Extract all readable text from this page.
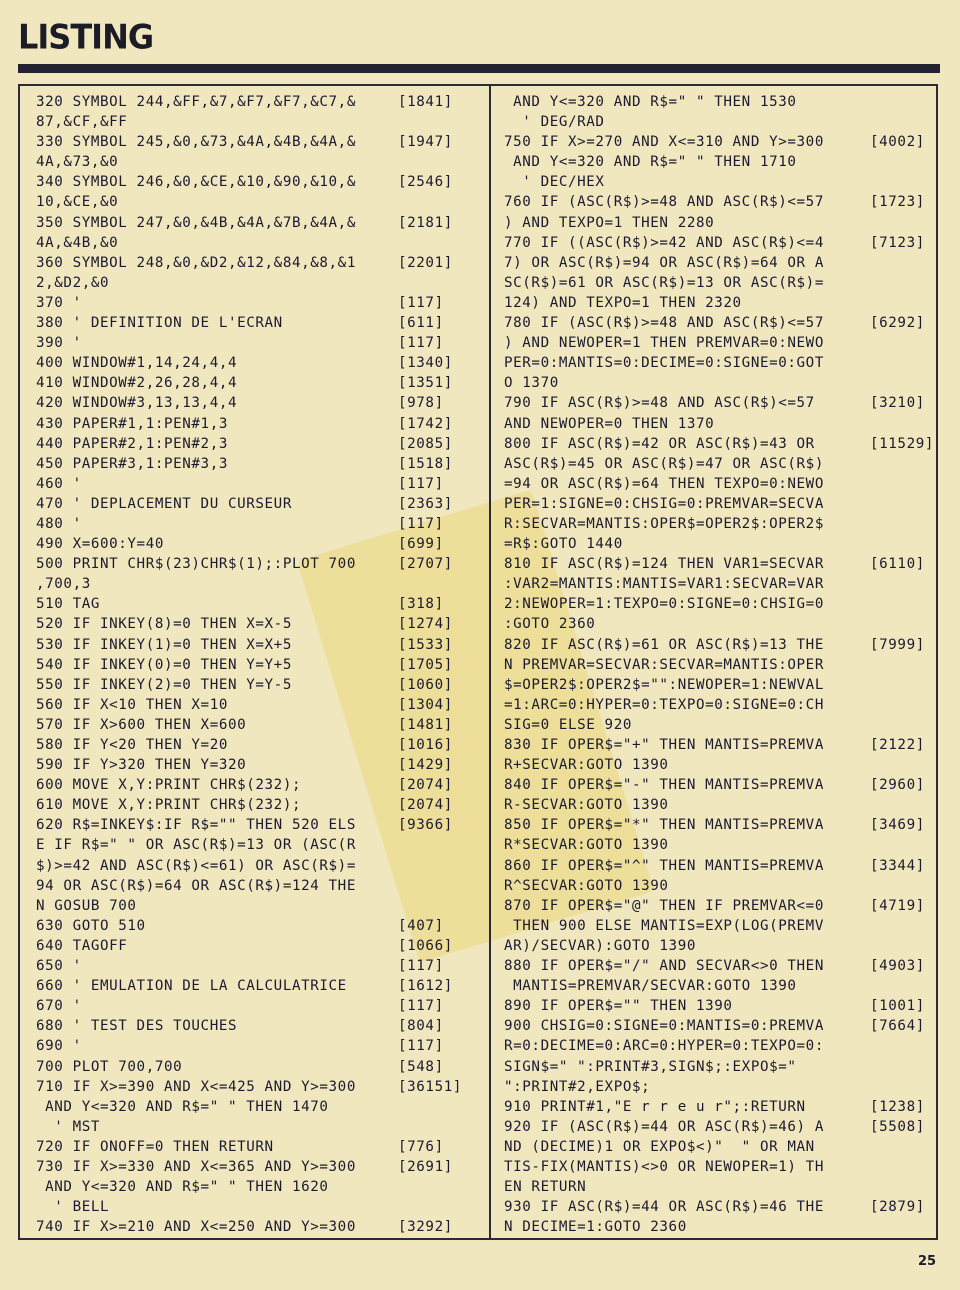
LISTING
320 SYMBOL 244,&FF,&7,&F7,&F7,&C7,&	[1841]
87,&CF,&FF
330 SYMBOL 245,&0,&73,&4A,&4B,&4A,&	[1947]
4A,&73,&0
340 SYMBOL 246,&0,&CE,&10,&90,&10,&	[2546]
10,&CE,&0
350 SYMBOL 247,&0,&4B,&4A,&7B,&4A,&	[2181]
4A,&4B,&0
360 SYMBOL 248,&0,&D2,&12,&84,&8,&1	[2201]
2,&D2,&0
370 '	[117]
380 ' DEFINITION DE L'ECRAN	[611]
390 '	[117]
400 WINDOW#1,14,24,4,4	[1340]
410 WINDOW#2,26,28,4,4	[1351]
420 WINDOW#3,13,13,4,4	[978]
430 PAPER#1,1:PEN#1,3	[1742]
440 PAPER#2,1:PEN#2,3	[2085]
450 PAPER#3,1:PEN#3,3	[1518]
460 '	[117]
470 ' DEPLACEMENT DU CURSEUR	[2363]
480 '	[117]
490 X=600:Y=40	[699]
500 PRINT CHR$(23)CHR$(1);:PLOT 700	[2707]
,700,3
510 TAG	[318]
520 IF INKEY(8)=0 THEN X=X-5	[1274]
530 IF INKEY(1)=0 THEN X=X+5	[1533]
540 IF INKEY(0)=0 THEN Y=Y+5	[1705]
550 IF INKEY(2)=0 THEN Y=Y-5	[1060]
560 IF X<10 THEN X=10	[1304]
570 IF X>600 THEN X=600	[1481]
580 IF Y<20 THEN Y=20	[1016]
590 IF Y>320 THEN Y=320	[1429]
600 MOVE X,Y:PRINT CHR$(232);	[2074]
610 MOVE X,Y:PRINT CHR$(232);	[2074]
620 R$=INKEY$:IF R$="" THEN 520 ELS	[9366]
E IF R$=" " OR ASC(R$)=13 OR (ASC(R
$)>=42 AND ASC(R$)<=61) OR ASC(R$)=
94 OR ASC(R$)=64 OR ASC(R$)=124 THE
N GOSUB 700
630 GOTO 510	[407]
640 TAGOFF	[1066]
650 '	[117]
660 ' EMULATION DE LA CALCULATRICE	[1612]
670 '	[117]
680 ' TEST DES TOUCHES	[804]
690 '	[117]
700 PLOT 700,700	[548]
710 IF X>=390 AND X<=425 AND Y>=300	[36151]
AND Y<=320 AND R$=" " THEN 1470
' MST
720 IF ONOFF=0 THEN RETURN	[776]
730 IF X>=330 AND X<=365 AND Y>=300	[2691]
AND Y<=320 AND R$=" " THEN 1620
' BELL
740 IF X>=210 AND X<=250 AND Y>=300	[3292]
AND Y<=320 AND R$=" " THEN 1530
' DEG/RAD
750 IF X>=270 AND X<=310 AND Y>=300	[4002]
AND Y<=320 AND R$=" " THEN 1710
' DEC/HEX
760 IF (ASC(R$)>=48 AND ASC(R$)<=57	[1723]
) AND TEXPO=1 THEN 2280
770 IF ((ASC(R$)>=42 AND ASC(R$)<=4	[7123]
7) OR ASC(R$)=94 OR ASC(R$)=64 OR A
SC(R$)=61 OR ASC(R$)=13 OR ASC(R$)=
124) AND TEXPO=1 THEN 2320
780 IF (ASC(R$)>=48 AND ASC(R$)<=57	[6292]
) AND NEWOPER=1 THEN PREMVAR=0:NEWO
PER=0:MANTIS=0:DECIME=0:SIGNE=0:GOT
O 1370
790 IF ASC(R$)>=48 AND ASC(R$)<=57	[3210]
AND NEWOPER=0 THEN 1370
800 IF ASC(R$)=42 OR ASC(R$)=43 OR	[11529]
ASC(R$)=45 OR ASC(R$)=47 OR ASC(R$)
=94 OR ASC(R$)=64 THEN TEXPO=0:NEWO
PER=1:SIGNE=0:CHSIG=0:PREMVAR=SECVA
R:SECVAR=MANTIS:OPER$=OPER2$:OPER2$
=R$:GOTO 1440
810 IF ASC(R$)=124 THEN VAR1=SECVAR	[6110]
:VAR2=MANTIS:MANTIS=VAR1:SECVAR=VAR
2:NEWOPER=1:TEXPO=0:SIGNE=0:CHSIG=0
:GOTO 2360
820 IF ASC(R$)=61 OR ASC(R$)=13 THE	[7999]
N PREMVAR=SECVAR:SECVAR=MANTIS:OPER
$=OPER2$:OPER2$="":NEWOPER=1:NEWVAL
=1:ARC=0:HYPER=0:TEXPO=0:SIGNE=0:CH
SIG=0 ELSE 920
830 IF OPER$="+" THEN MANTIS=PREMVA	[2122]
R+SECVAR:GOTO 1390
840 IF OPER$="-" THEN MANTIS=PREMVA	[2960]
R-SECVAR:GOTO 1390
850 IF OPER$="*" THEN MANTIS=PREMVA	[3469]
R*SECVAR:GOTO 1390
860 IF OPER$="^" THEN MANTIS=PREMVA	[3344]
R^SECVAR:GOTO 1390
870 IF OPER$="@" THEN IF PREMVAR<=0	[4719]
THEN 900 ELSE MANTIS=EXP(LOG(PREMV
AR)/SECVAR):GOTO 1390
880 IF OPER$="/" AND SECVAR<>0 THEN	[4903]
MANTIS=PREMVAR/SECVAR:GOTO 1390
890 IF OPER$="" THEN 1390	[1001]
900 CHSIG=0:SIGNE=0:MANTIS=0:PREMVA	[7664]
R=0:DECIME=0:ARC=0:HYPER=0:TEXPO=0:
SIGN$=" ":PRINT#3,SIGN$;:EXPO$="
":PRINT#2,EXPO$;
910 PRINT#1,"E r r e u r";:RETURN	[1238]
920 IF (ASC(R$)=44 OR ASC(R$)=46) A	[5508]
ND (DECIME)1 OR EXPO$<)"  " OR MAN
TIS-FIX(MANTIS)<>0 OR NEWOPER=1) TH
EN RETURN
930 IF ASC(R$)=44 OR ASC(R$)=46 THE	[2879]
N DECIME=1:GOTO 2360
25
